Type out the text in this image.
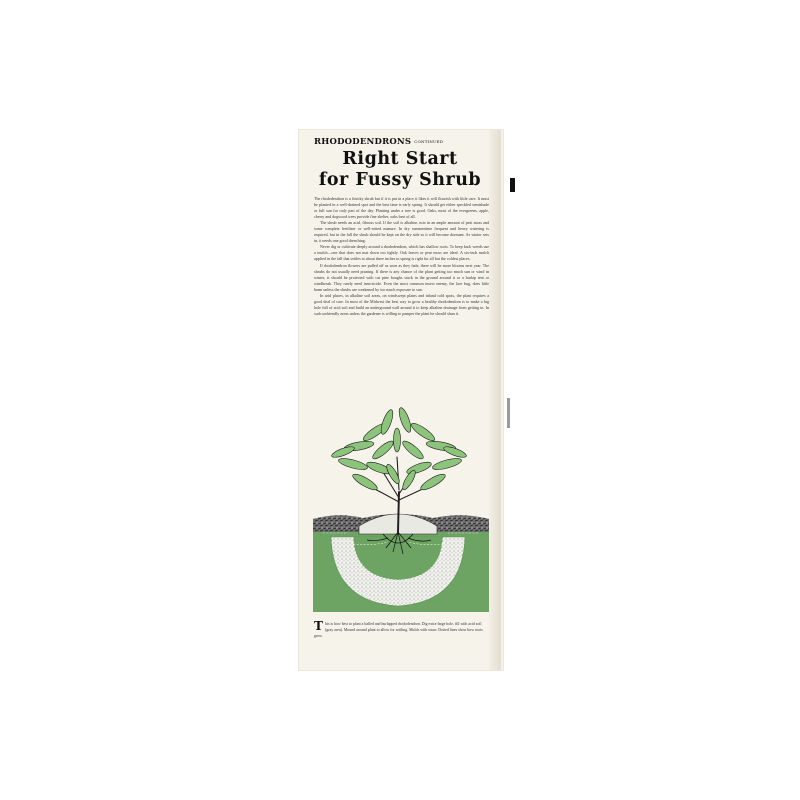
RHODODENDRONS CONTINUED
Right Start
for Fussy Shrub

The rhododendron is a finicky shrub but if it is put in a place it likes it will flourish with little care. It must be planted in a well-drained spot and the best time is early spring. It should get either speckled semishade or full sun for only part of the day. Planting under a tree is good. Oaks, most of the evergreens, apple, cherry and dogwood trees provide fine shelter, oaks best of all.

The shrub needs an acid, fibrous soil. If the soil is alkaline, mix in an ample amount of peat moss and some complete fertilizer or well-rotted manure. In dry summertime frequent and heavy watering is required, but in the fall the shrub should be kept on the dry side so it will become dormant. As winter sets in, it needs one good drenching.

Never dig or cultivate deeply around a rhododendron, which has shallow roots. To keep back weeds use a mulch—one that does not mat down too tightly. Oak leaves or peat moss are ideal. A six-inch mulch applied in the fall that settles to about three inches in spring is right for all but the coldest places.

If rhododendron flowers are pulled off as soon as they fade, there will be more blooms next year. The shrubs do not usually need pruning. If there is any chance of the plant getting too much sun or wind in winter, it should be protected with cut pine boughs stuck in the ground around it or a burlap tent or windbreak. They rarely need insecticide. Even the most common insect enemy, the lace bug, does little harm unless the shrubs are weakened by too much exposure to sun.

In arid places, in alkaline soil areas, on windswept plains and inland cold spots, the plant requires a good deal of care. In most of the Midwest the best way to grow a healthy rhododendron is to make a big hole full of acid soil and build an underground wall around it to keep alkaline drainage from getting in. In such unfriendly areas unless the gardener is willing to pamper the plant he should shun it.

This is how best to plant a balled and burlapped rhododendron. Dig extra-large hole, fill with acid soil (gray area). Mound around plant to allow for settling. Mulch with straw. Dotted lines show how roots grow.
